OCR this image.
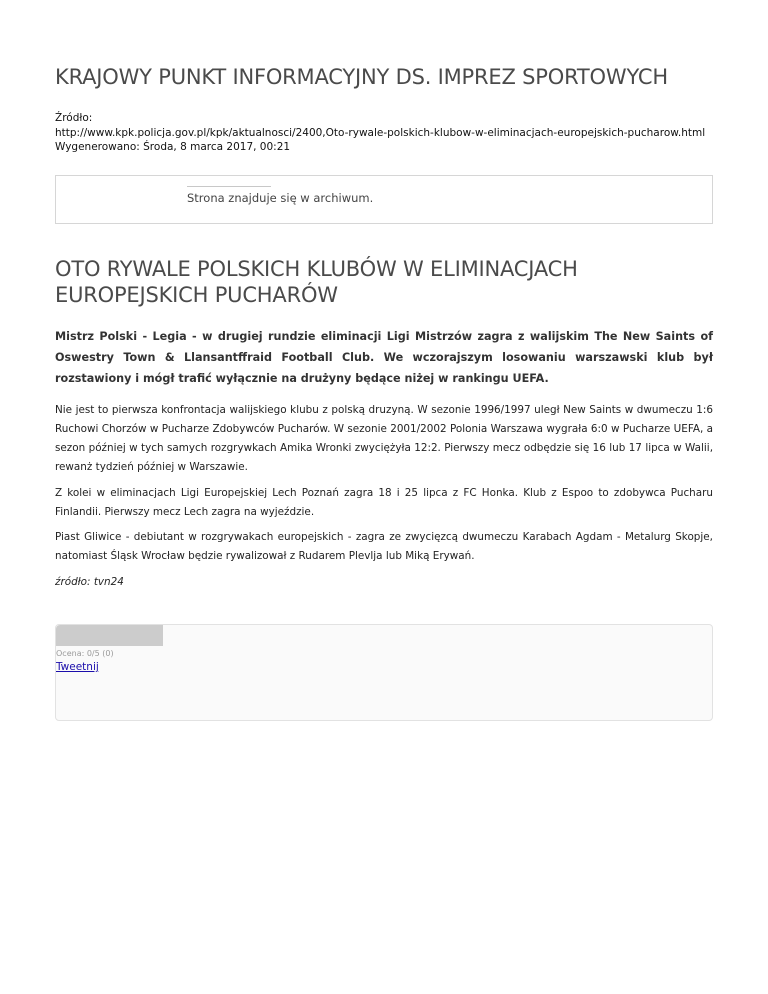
KRAJOWY PUNKT INFORMACYJNY DS. IMPREZ SPORTOWYCH
Źródło:
http://www.kpk.policja.gov.pl/kpk/aktualnosci/2400,Oto-rywale-polskich-klubow-w-eliminacjach-europejskich-pucharow.html
Wygenerowano: Środa, 8 marca 2017, 00:21
Strona znajduje się w archiwum.
OTO RYWALE POLSKICH KLUBÓW W ELIMINACJACH EUROPEJSKICH PUCHARÓW

Mistrz Polski - Legia - w drugiej rundzie eliminacji Ligi Mistrzów zagra z walijskim The New Saints of Oswestry Town & Llansantffraid Football Club. We wczorajszym losowaniu warszawski klub był rozstawiony i mógł trafić wyłącznie na drużyny będące niżej w rankingu UEFA.

Nie jest to pierwsza konfrontacja walijskiego klubu z polską druzyną. W sezonie 1996/1997 uległ New Saints w dwumeczu 1:6 Ruchowi Chorzów w Pucharze Zdobywców Pucharów. W sezonie 2001/2002 Polonia Warszawa wygrała 6:0 w Pucharze UEFA, a sezon później w tych samych rozgrywkach Amika Wronki zwyciężyła 12:2. Pierwszy mecz odbędzie się 16 lub 17 lipca w Walii, rewanż tydzień później w Warszawie.

Z kolei w eliminacjach Ligi Europejskiej Lech Poznań zagra 18 i 25 lipca z FC Honka. Klub z Espoo to zdobywca Pucharu Finlandii. Pierwszy mecz Lech zagra na wyjeździe.

Piast Gliwice - debiutant w rozgrywakach europejskich - zagra ze zwycięzcą dwumeczu Karabach Agdam - Metalurg Skopje, natomiast Śląsk Wrocław będzie rywalizował z Rudarem Plevlja lub Miką Erywań.

źródło: tvn24
Ocena: 0/5 (0)
Tweetnij
